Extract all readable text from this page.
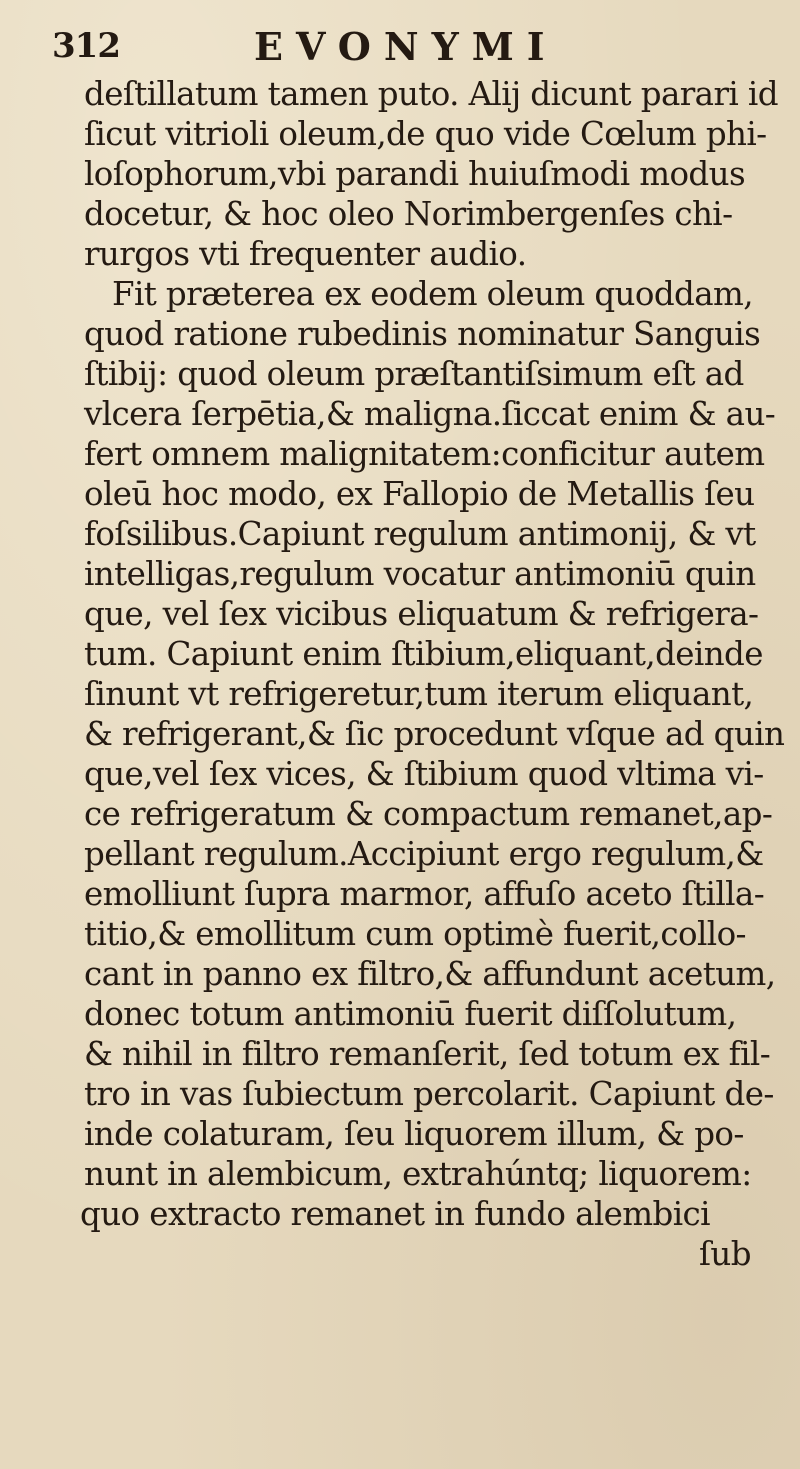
312	EVONYMI
deſtillatum tamen puto. Alij dicunt parari id
ſicut vitrioli oleum,de quo vide Cœlum phi-
loſophorum,vbi parandi huiuſmodi modus
docetur, & hoc oleo Norimbergenſes chi-
rurgos vti frequenter audio.
Fit præterea ex eodem oleum quoddam,
quod ratione rubedinis nominatur Sanguis
ſtibij: quod oleum præſtantiſsimum eſt ad
vlcera ſerpētia,& maligna.ſiccat enim & au-
fert omnem malignitatem:conficitur autem
oleū hoc modo, ex Fallopio de Metallis ſeu
foſsilibus.Capiunt regulum antimonij, & vt
intelligas,regulum vocatur antimoniū quin
que, vel ſex vicibus eliquatum & refrigera-
tum. Capiunt enim ſtibium,eliquant,deinde
ſinunt vt refrigeretur,tum iterum eliquant,
& refrigerant,& ſic procedunt vſque ad quin
que,vel ſex vices, & ſtibium quod vltima vi-
ce refrigeratum & compactum remanet,ap-
pellant regulum.Accipiunt ergo regulum,&
emolliunt ſupra marmor, affuſo aceto ſtilla-
titio,& emollitum cum optimè fuerit,collo-
cant in panno ex filtro,& affundunt acetum,
donec totum antimoniū fuerit diſſolutum,
& nihil in filtro remanſerit, ſed totum ex fil-
tro in vas ſubiectum percolarit. Capiunt de-
inde colaturam, ſeu liquorem illum, & po-
nunt in alembicum, extrahúntq; liquorem:
quo extracto remanet in fundo alembici
ſub
